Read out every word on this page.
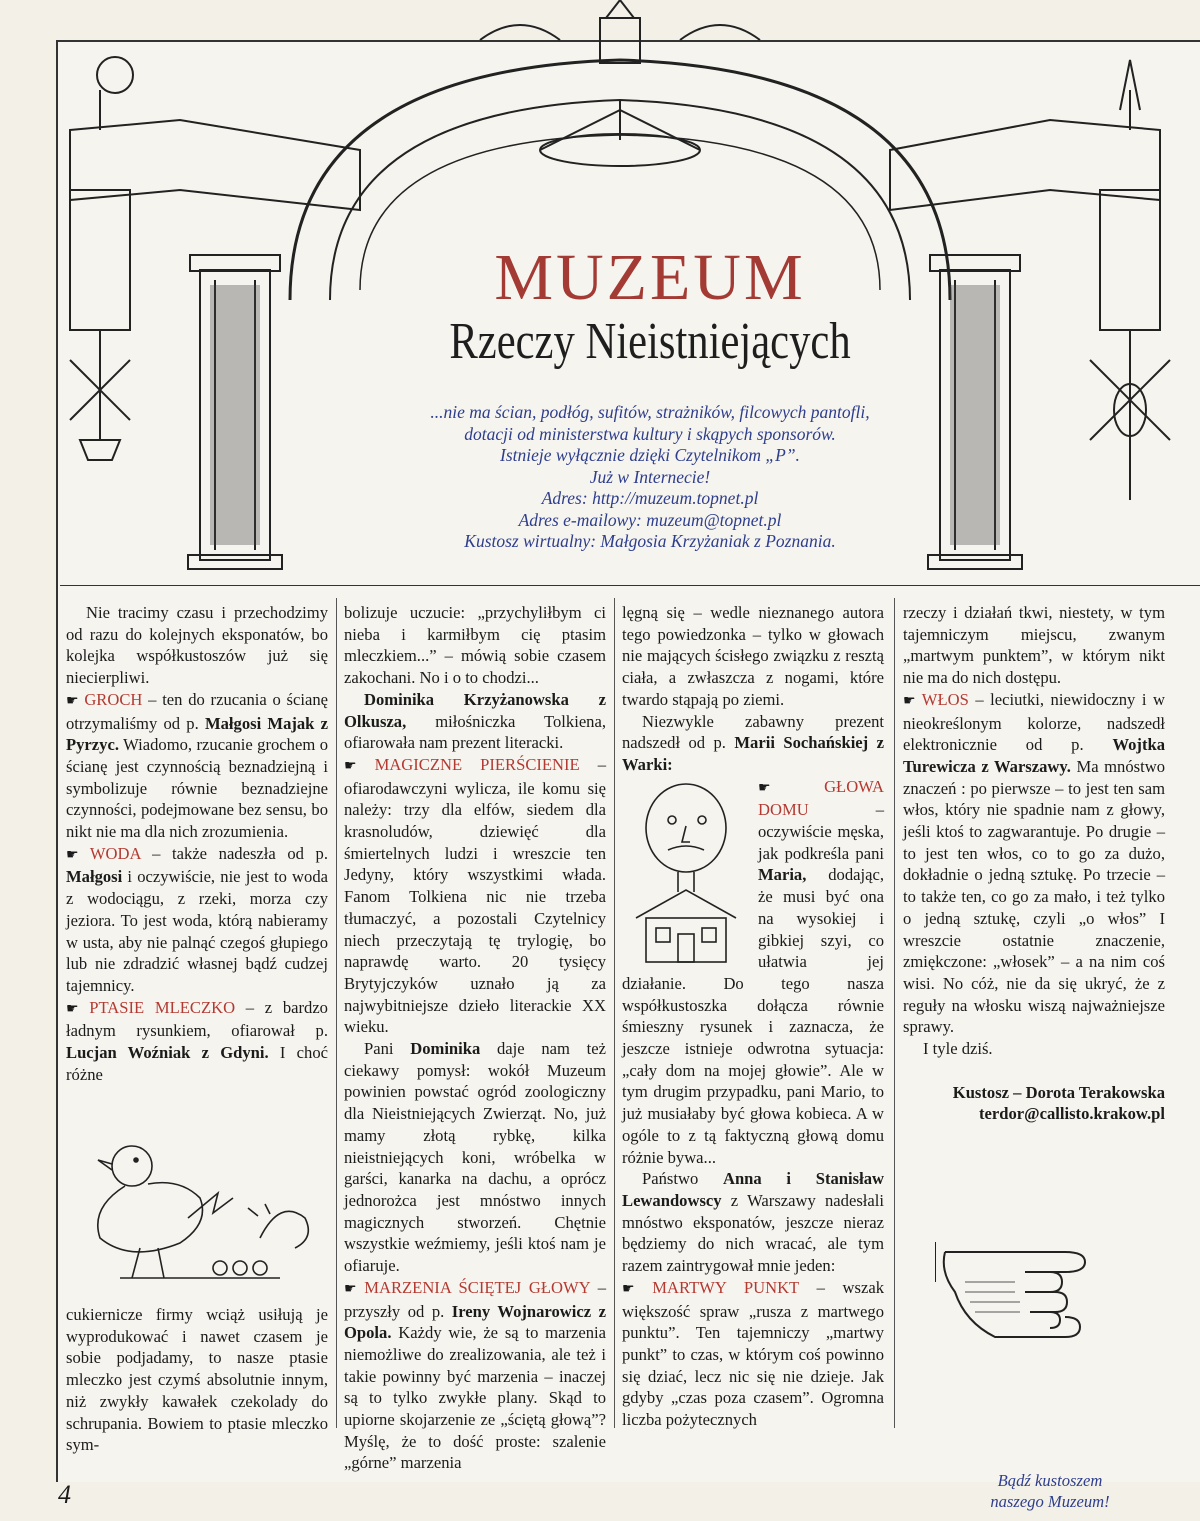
MUZEUM
Rzeczy Nieistniejących
...nie ma ścian, podłóg, sufitów, strażników, filcowych pantofli,
dotacji od ministerstwa kultury i skąpych sponsorów.
Istnieje wyłącznie dzięki Czytelnikom „P”.
Już w Internecie!
Adres: http://muzeum.topnet.pl
Adres e-mailowy: muzeum@topnet.pl
Kustosz wirtualny: Małgosia Krzyżaniak z Poznania.

Nie tracimy czasu i przechodzimy od razu do kolejnych eksponatów, bo kolejka współkustoszów już się niecierpliwi.

☛ GROCH – ten do rzucania o ścianę otrzymaliśmy od p. Małgosi Majak z Pyrzyc. Wiadomo, rzucanie grochem o ścianę jest czynnością beznadziejną i symbolizuje równie beznadziejne czynności, podejmowane bez sensu, bo nikt nie ma dla nich zrozumienia.

☛ WODA – także nadeszła od p. Małgosi i oczywiście, nie jest to woda z wodociągu, z rzeki, morza czy jeziora. To jest woda, którą nabieramy w usta, aby nie palnąć czegoś głupiego lub nie zdradzić własnej bądź cudzej tajemnicy.

☛ PTASIE MLECZKO – z bardzo ładnym rysunkiem, ofiarował p. Lucjan Woźniak z Gdyni. I choć różne

cukiernicze firmy wciąż usiłują je wyprodukować i nawet czasem je sobie podjadamy, to nasze ptasie mleczko jest czymś absolutnie innym, niż zwykły kawałek czekolady do schrupania. Bowiem to ptasie mleczko sym-

bolizuje uczucie: „przychyliłbym ci nieba i karmiłbym cię ptasim mleczkiem...” – mówią sobie czasem zakochani. No i o to chodzi...

Dominika Krzyżanowska z Olkusza, miłośniczka Tolkiena, ofiarowała nam prezent literacki.

☛ MAGICZNE PIERŚCIENIE – ofiarodawczyni wylicza, ile komu się należy: trzy dla elfów, siedem dla krasnoludów, dziewięć dla śmiertelnych ludzi i wreszcie ten Jedyny, który wszystkimi włada. Fanom Tolkiena nic nie trzeba tłumaczyć, a pozostali Czytelnicy niech przeczytają tę trylogię, bo naprawdę warto. 20 tysięcy Brytyjczyków uznało ją za najwybitniejsze dzieło literackie XX wieku.

Pani Dominika daje nam też ciekawy pomysł: wokół Muzeum powinien powstać ogród zoologiczny dla Nieistniejących Zwierząt. No, już mamy złotą rybkę, kilka nieistniejących koni, wróbelka w garści, kanarka na dachu, a oprócz jednorożca jest mnóstwo innych magicznych stworzeń. Chętnie wszystkie weźmiemy, jeśli ktoś nam je ofiaruje.

☛ MARZENIA ŚCIĘTEJ GŁOWY – przyszły od p. Ireny Wojnarowicz z Opola. Każdy wie, że są to marzenia niemożliwe do zrealizowania, ale też i takie powinny być marzenia – inaczej są to tylko zwykłe plany. Skąd to upiorne skojarzenie ze „ściętą głową”? Myślę, że to dość proste: szalenie „górne” marzenia

lęgną się – wedle nieznanego autora tego powiedzonka – tylko w głowach nie mających ścisłego związku z resztą ciała, a zwłaszcza z nogami, które twardo stąpają po ziemi.

Niezwykle zabawny prezent nadszedł od p. Marii Sochańskiej z Warki:

☛	GŁOWA DOMU – oczywiście męska, jak podkreśla pani Maria, dodając, że musi być ona na wysokiej i gibkiej szyi, co ułatwia jej działanie. Do tego nasza współkustoszka dołącza równie śmieszny rysunek i zaznacza, że jeszcze istnieje odwrotna sytuacja: „cały dom na mojej głowie”. Ale w tym drugim przypadku, pani Mario, to już musiałaby być głowa kobieca. A w ogóle to z tą faktyczną głową domu różnie bywa...

Państwo Anna i Stanisław Lewandowscy z Warszawy nadesłali mnóstwo eksponatów, jeszcze nieraz będziemy do nich wracać, ale tym razem zaintrygował mnie jeden:

☛ MARTWY PUNKT – wszak większość spraw „rusza z martwego punktu”. Ten tajemniczy „martwy punkt” to czas, w którym coś powinno się dziać, lecz nic się nie dzieje. Jak gdyby „czas poza czasem”. Ogromna liczba pożytecznych

rzeczy i działań tkwi, niestety, w tym tajemniczym miejscu, zwanym „martwym punktem”, w którym nikt nie ma do nich dostępu.

☛ WŁOS – leciutki, niewidoczny i w nieokreślonym kolorze, nadszedł elektronicznie od p. Wojtka Turewicza z Warszawy. Ma mnóstwo znaczeń : po pierwsze – to jest ten sam włos, który nie spadnie nam z głowy, jeśli ktoś to zagwarantuje. Po drugie – to jest ten włos, co to go za dużo, dokładnie o jedną sztukę. Po trzecie – to także ten, co go za mało, i też tylko o jedną sztukę, czyli „o włos” I wreszcie ostatnie znaczenie, zmiękczone: „włosek” – a na nim coś wisi. No cóż, nie da się ukryć, że z reguły na włosku wiszą najważniejsze sprawy.

I tyle dziś.

Kustosz – Dorota Terakowska
terdor@callisto.krakow.pl
Bądź kustoszem
naszego Muzeum!
4
